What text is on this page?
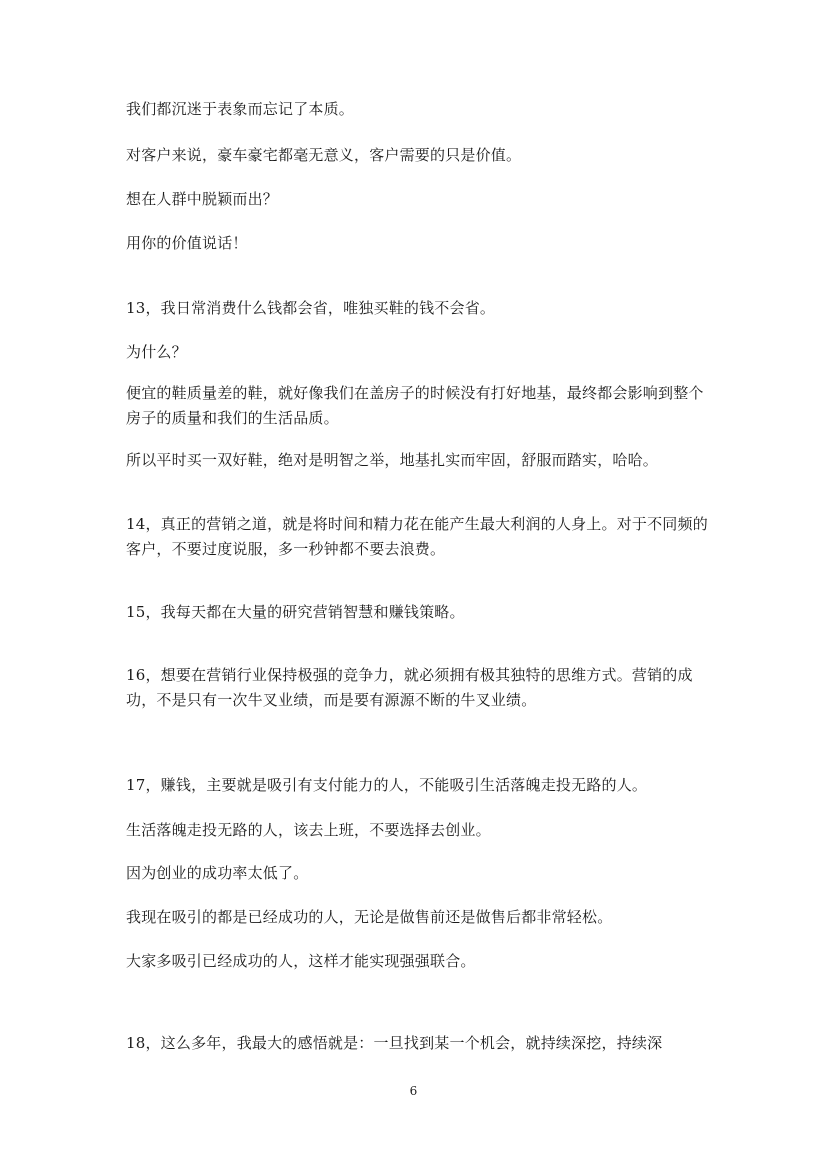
我们都沉迷于表象而忘记了本质。

对客户来说，豪车豪宅都毫无意义，客户需要的只是价值。

想在人群中脱颖而出？

用你的价值说话！

13，我日常消费什么钱都会省，唯独买鞋的钱不会省。

为什么？

便宜的鞋质量差的鞋，就好像我们在盖房子的时候没有打好地基，最终都会影响到整个房子的质量和我们的生活品质。

所以平时买一双好鞋，绝对是明智之举，地基扎实而牢固，舒服而踏实，哈哈。

14，真正的营销之道，就是将时间和精力花在能产生最大利润的人身上。对于不同频的客户，不要过度说服，多一秒钟都不要去浪费。

15，我每天都在大量的研究营销智慧和赚钱策略。

16，想要在营销行业保持极强的竞争力，就必须拥有极其独特的思维方式。营销的成功，不是只有一次牛叉业绩，而是要有源源不断的牛叉业绩。

17，赚钱，主要就是吸引有支付能力的人，不能吸引生活落魄走投无路的人。

生活落魄走投无路的人，该去上班，不要选择去创业。

因为创业的成功率太低了。

我现在吸引的都是已经成功的人，无论是做售前还是做售后都非常轻松。

大家多吸引已经成功的人，这样才能实现强强联合。

18，这么多年，我最大的感悟就是：一旦找到某一个机会，就持续深挖，持续深

6
